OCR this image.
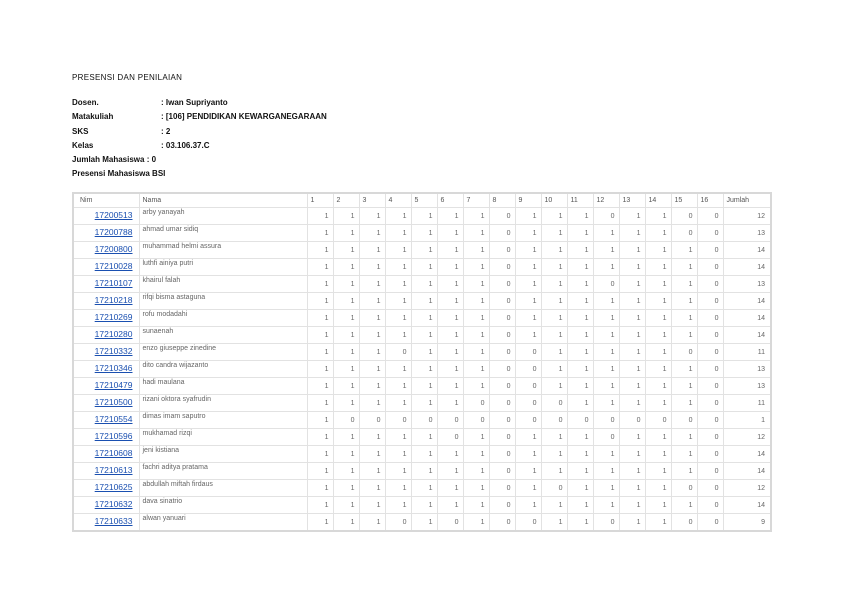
PRESENSI DAN PENILAIAN
Dosen.	: Iwan Supriyanto
Matakuliah	: [106] PENDIDIKAN KEWARGANEGARAAN
SKS	: 2
Kelas	: 03.106.37.C
Jumlah Mahasiswa : 0
Presensi Mahasiswa BSI
Nim	Nama	1	2	3	4	5	6	7	8	9	10	11	12	13	14	15	16	Jumlah
17200513	arby yanayah	1	1	1	1	1	1	1	0	1	1	1	0	1	1	0	0	12
17200788	ahmad umar sidiq	1	1	1	1	1	1	1	0	1	1	1	1	1	1	0	0	13
17200800	muhammad helmi assura	1	1	1	1	1	1	1	0	1	1	1	1	1	1	1	0	14
17210028	luthfi ainiya putri	1	1	1	1	1	1	1	0	1	1	1	1	1	1	1	0	14
17210107	khairul falah	1	1	1	1	1	1	1	0	1	1	1	0	1	1	1	0	13
17210218	rifqi bisma astaguna	1	1	1	1	1	1	1	0	1	1	1	1	1	1	1	0	14
17210269	rofu modadahi	1	1	1	1	1	1	1	0	1	1	1	1	1	1	1	0	14
17210280	sunaenah	1	1	1	1	1	1	1	0	1	1	1	1	1	1	1	0	14
17210332	enzo giuseppe zinedine	1	1	1	0	1	1	1	0	0	1	1	1	1	1	0	0	11
17210346	dito candra wijazanto	1	1	1	1	1	1	1	0	0	1	1	1	1	1	1	0	13
17210479	hadi maulana	1	1	1	1	1	1	1	0	0	1	1	1	1	1	1	0	13
17210500	rizani oktora syafrudin	1	1	1	1	1	1	0	0	0	0	1	1	1	1	1	0	11
17210554	dimas imam saputro	1	0	0	0	0	0	0	0	0	0	0	0	0	0	0	0	1
17210596	mukhamad rizqi	1	1	1	1	1	0	1	0	1	1	1	0	1	1	1	0	12
17210608	jeni kistiana	1	1	1	1	1	1	1	0	1	1	1	1	1	1	1	0	14
17210613	fachri aditya pratama	1	1	1	1	1	1	1	0	1	1	1	1	1	1	1	0	14
17210625	abdullah miftah firdaus	1	1	1	1	1	1	1	0	1	0	1	1	1	1	0	0	12
17210632	dava sinatrio	1	1	1	1	1	1	1	0	1	1	1	1	1	1	1	0	14
17210633	alwan yanuari	1	1	1	0	1	0	1	0	0	1	1	0	1	1	0	0	9
